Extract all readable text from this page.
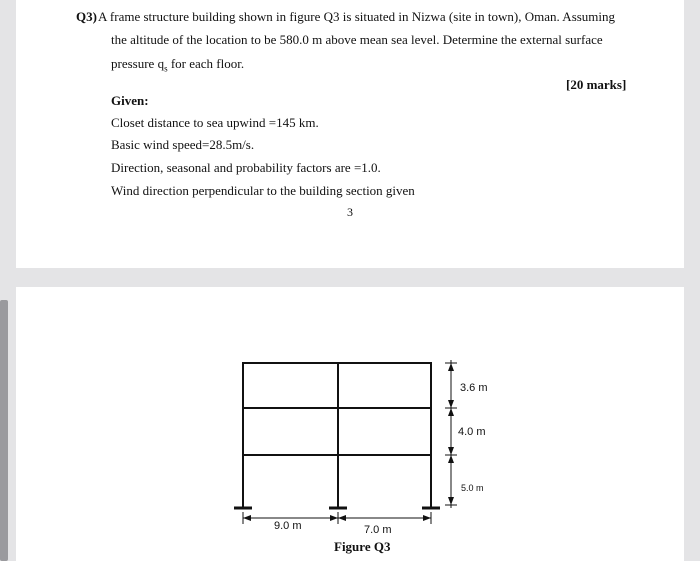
Q3) A frame structure building shown in figure Q3 is situated in Nizwa (site in town), Oman. Assuming
the altitude of the location to be 580.0 m above mean sea level. Determine the external surface
pressure $q_s$ for each floor.
[20 marks]
Given:
Closet distance to sea upwind =145 km.
Basic wind speed=28.5m/s.
Direction, seasonal and probability factors are =1.0.
Wind direction perpendicular to the building section given
3
9.0 m	7.0 m
3.6 m
4.0 m
5.0 m
Figure Q3
